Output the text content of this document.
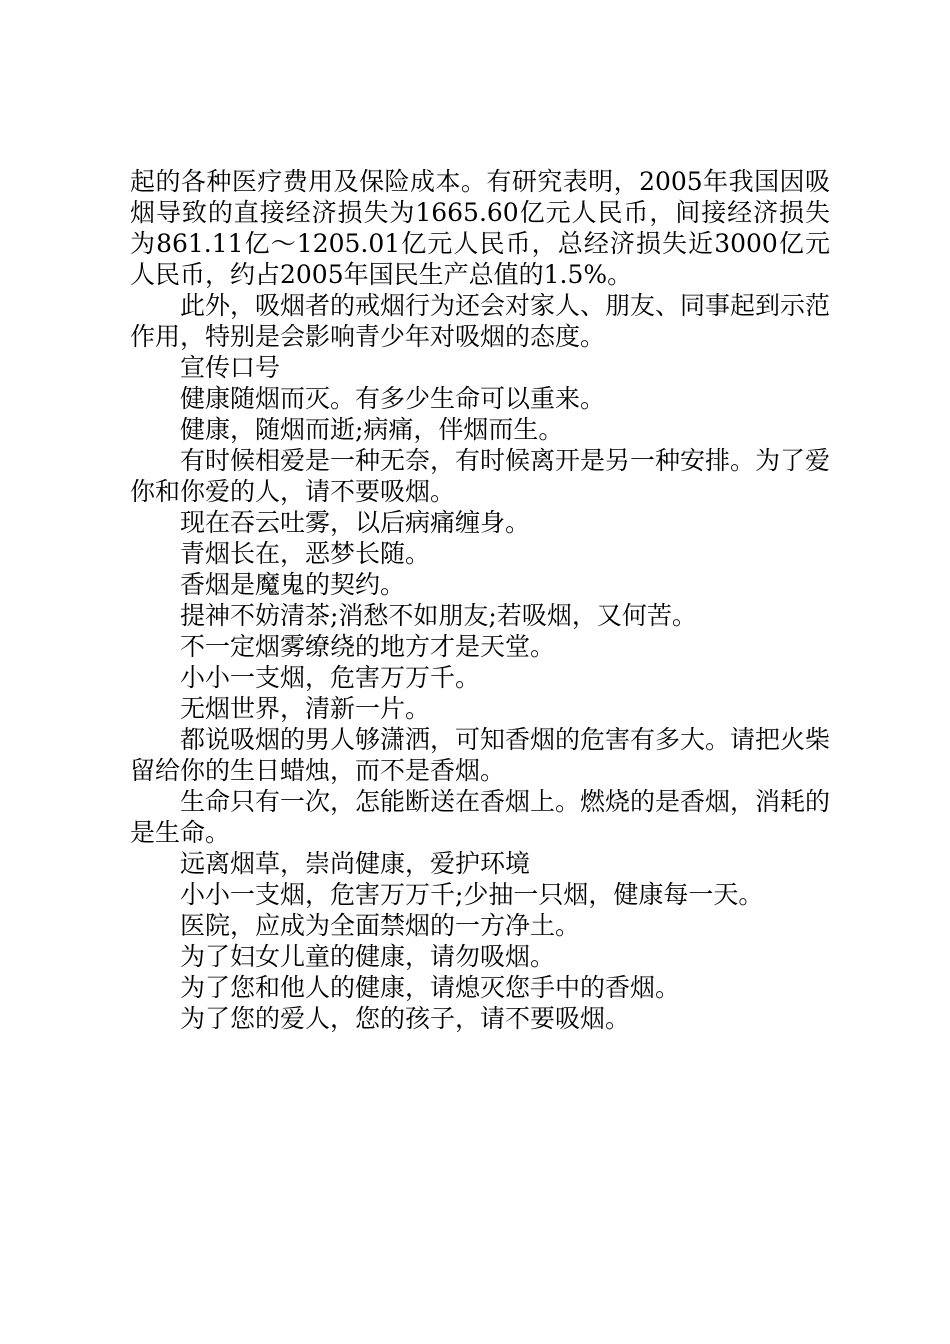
起的各种医疗费用及保险成本。有研究表明，2005年我国因吸烟导致的直接经济损失为1665.60亿元人民币，间接经济损失为861.11亿～1205.01亿元人民币，总经济损失近3000亿元人民币，约占2005年国民生产总值的1.5%。

此外，吸烟者的戒烟行为还会对家人、朋友、同事起到示范作用，特别是会影响青少年对吸烟的态度。

宣传口号

健康随烟而灭。有多少生命可以重来。

健康，随烟而逝;病痛，伴烟而生。

有时候相爱是一种无奈，有时候离开是另一种安排。为了爱你和你爱的人，请不要吸烟。

现在吞云吐雾，以后病痛缠身。

青烟长在，恶梦长随。

香烟是魔鬼的契约。

提神不妨清茶;消愁不如朋友;若吸烟，又何苦。

不一定烟雾缭绕的地方才是天堂。

小小一支烟，危害万万千。

无烟世界，清新一片。

都说吸烟的男人够潇洒，可知香烟的危害有多大。请把火柴留给你的生日蜡烛，而不是香烟。

生命只有一次，怎能断送在香烟上。燃烧的是香烟，消耗的是生命。

远离烟草，崇尚健康，爱护环境

小小一支烟，危害万万千;少抽一只烟，健康每一天。

医院，应成为全面禁烟的一方净土。

为了妇女儿童的健康，请勿吸烟。

为了您和他人的健康，请熄灭您手中的香烟。

为了您的爱人，您的孩子，请不要吸烟。
